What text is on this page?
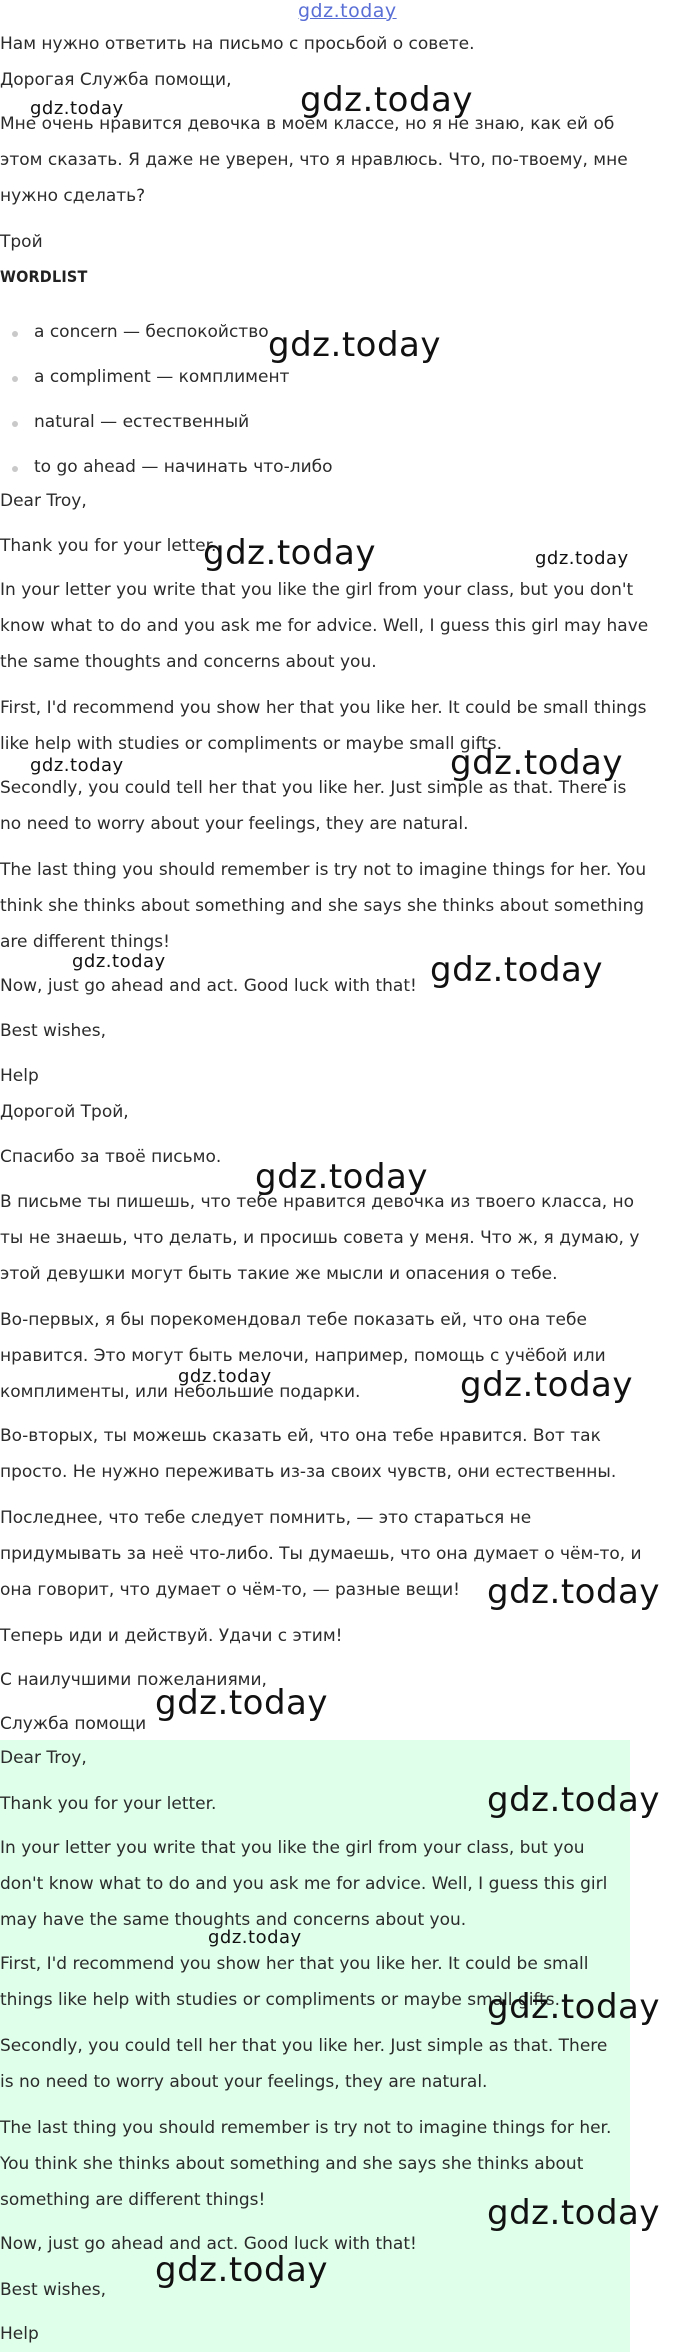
gdz.today

Нам нужно ответить на письмо с просьбой о совете.

Дорогая Служба помощи,

Мне очень нравится девочка в моём классе, но я не знаю, как ей об этом сказать. Я даже не уверен, что я нравлюсь. Что, по-твоему, мне нужно сделать?

Трой

WORDLIST
a concern — беспокойство
a compliment — комплимент
natural — естественный
to go ahead — начинать что-либо

Dear Troy,

Thank you for your letter.

In your letter you write that you like the girl from your class, but you don't know what to do and you ask me for advice. Well, I guess this girl may have the same thoughts and concerns about you.

First, I'd recommend you show her that you like her. It could be small things like help with studies or compliments or maybe small gifts.

Secondly, you could tell her that you like her. Just simple as that. There is no need to worry about your feelings, they are natural.

The last thing you should remember is try not to imagine things for her. You think she thinks about something and she says she thinks about something are different things!

Now, just go ahead and act. Good luck with that!

Best wishes,

Help

Дорогой Трой,

Спасибо за твоё письмо.

В письме ты пишешь, что тебе нравится девочка из твоего класса, но ты не знаешь, что делать, и просишь совета у меня. Что ж, я думаю, у этой девушки могут быть такие же мысли и опасения о тебе.

Во-первых, я бы порекомендовал тебе показать ей, что она тебе нравится. Это могут быть мелочи, например, помощь с учёбой или комплименты, или небольшие подарки.

Во-вторых, ты можешь сказать ей, что она тебе нравится. Вот так просто. Не нужно переживать из-за своих чувств, они естественны.

Последнее, что тебе следует помнить, — это стараться не придумывать за неё что-либо. Ты думаешь, что она думает о чём-то, и она говорит, что думает о чём-то, — разные вещи!

Теперь иди и действуй. Удачи с этим!

С наилучшими пожеланиями,

Служба помощи

Dear Troy,

Thank you for your letter.

In your letter you write that you like the girl from your class, but you don't know what to do and you ask me for advice. Well, I guess this girl may have the same thoughts and concerns about you.

First, I'd recommend you show her that you like her. It could be small things like help with studies or compliments or maybe small gifts.

Secondly, you could tell her that you like her. Just simple as that. There is no need to worry about your feelings, they are natural.

The last thing you should remember is try not to imagine things for her. You think she thinks about something and she says she thinks about something are different things!

Now, just go ahead and act. Good luck with that!

Best wishes,

Help

gdz.today	gdz.today
gdz.today
gdz.today	gdz.today
gdz.today	gdz.today
gdz.today	gdz.today
gdz.today
gdz.today	gdz.today
gdz.today
gdz.today
gdz.today
gdz.today
gdz.today
gdz.today
gdz.today
